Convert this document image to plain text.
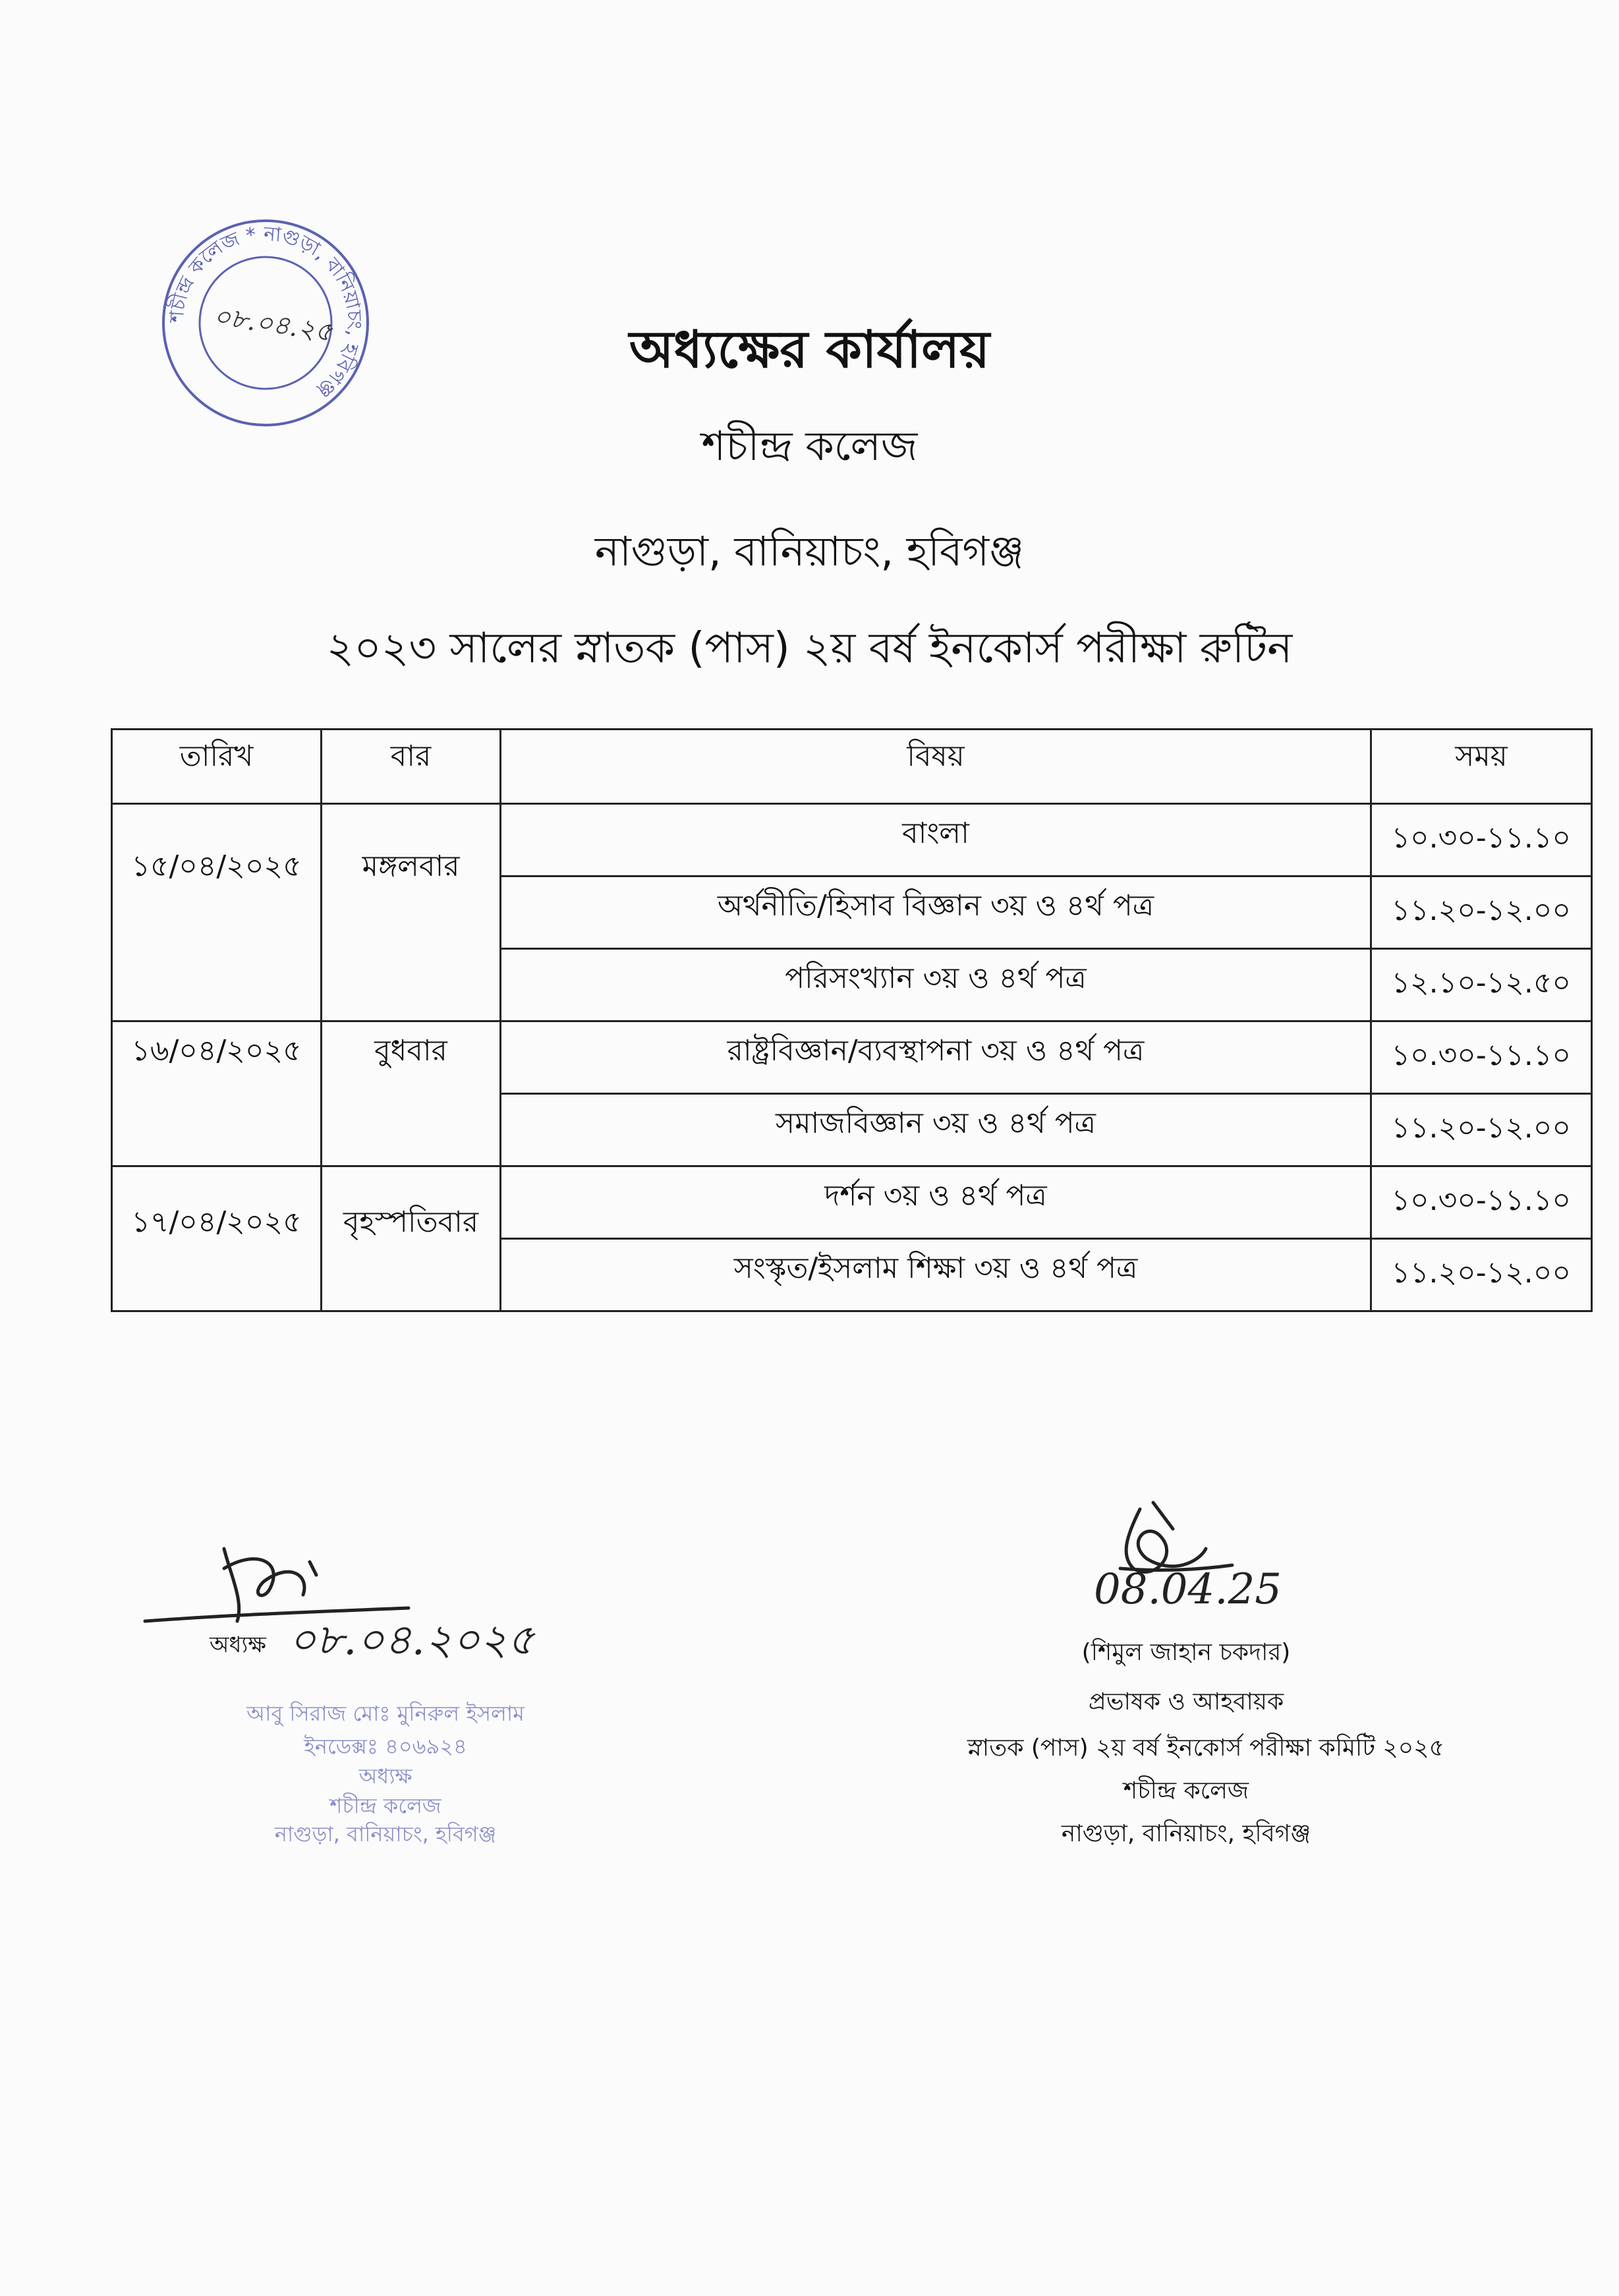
শচীন্দ্র কলেজ * নাগুড়া, বানিয়াচং, হবিগঞ্জ
০৮.০৪.২৫	অধ্যক্ষের কার্যালয়
শচীন্দ্র কলেজ
নাগুড়া, বানিয়াচং, হবিগঞ্জ
২০২৩ সালের স্নাতক (পাস) ২য় বর্ষ ইনকোর্স পরীক্ষা রুটিন
তারিখ	বার	বিষয়	সময়
১৫/০৪/২০২৫	মঙ্গলবার	বাংলা	১০.৩০-১১.১০
		অর্থনীতি/হিসাব বিজ্ঞান ৩য় ও ৪র্থ পত্র	১১.২০-১২.০০
		পরিসংখ্যান ৩য় ও ৪র্থ পত্র	১২.১০-১২.৫০
১৬/০৪/২০২৫	বুধবার	রাষ্ট্রবিজ্ঞান/ব্যবস্থাপনা ৩য় ও ৪র্থ পত্র	১০.৩০-১১.১০
		সমাজবিজ্ঞান ৩য় ও ৪র্থ পত্র	১১.২০-১২.০০
১৭/০৪/২০২৫	বৃহস্পতিবার	দর্শন ৩য় ও ৪র্থ পত্র	১০.৩০-১১.১০
		সংস্কৃত/ইসলাম শিক্ষা ৩য় ও ৪র্থ পত্র	১১.২০-১২.০০
অধ্যক্ষ ০৮.০৪.২০২৫
আবু সিরাজ মোঃ মুনিরুল ইসলাম
ইনডেক্সঃ ৪০৬৯২৪
অধ্যক্ষ
শচীন্দ্র কলেজ
নাগুড়া, বানিয়াচং, হবিগঞ্জ
08.04.25
(শিমুল জাহান চকদার)
প্রভাষক ও আহবায়ক
স্নাতক (পাস) ২য় বর্ষ ইনকোর্স পরীক্ষা কমিটি ২০২৫
শচীন্দ্র কলেজ
নাগুড়া, বানিয়াচং, হবিগঞ্জ
